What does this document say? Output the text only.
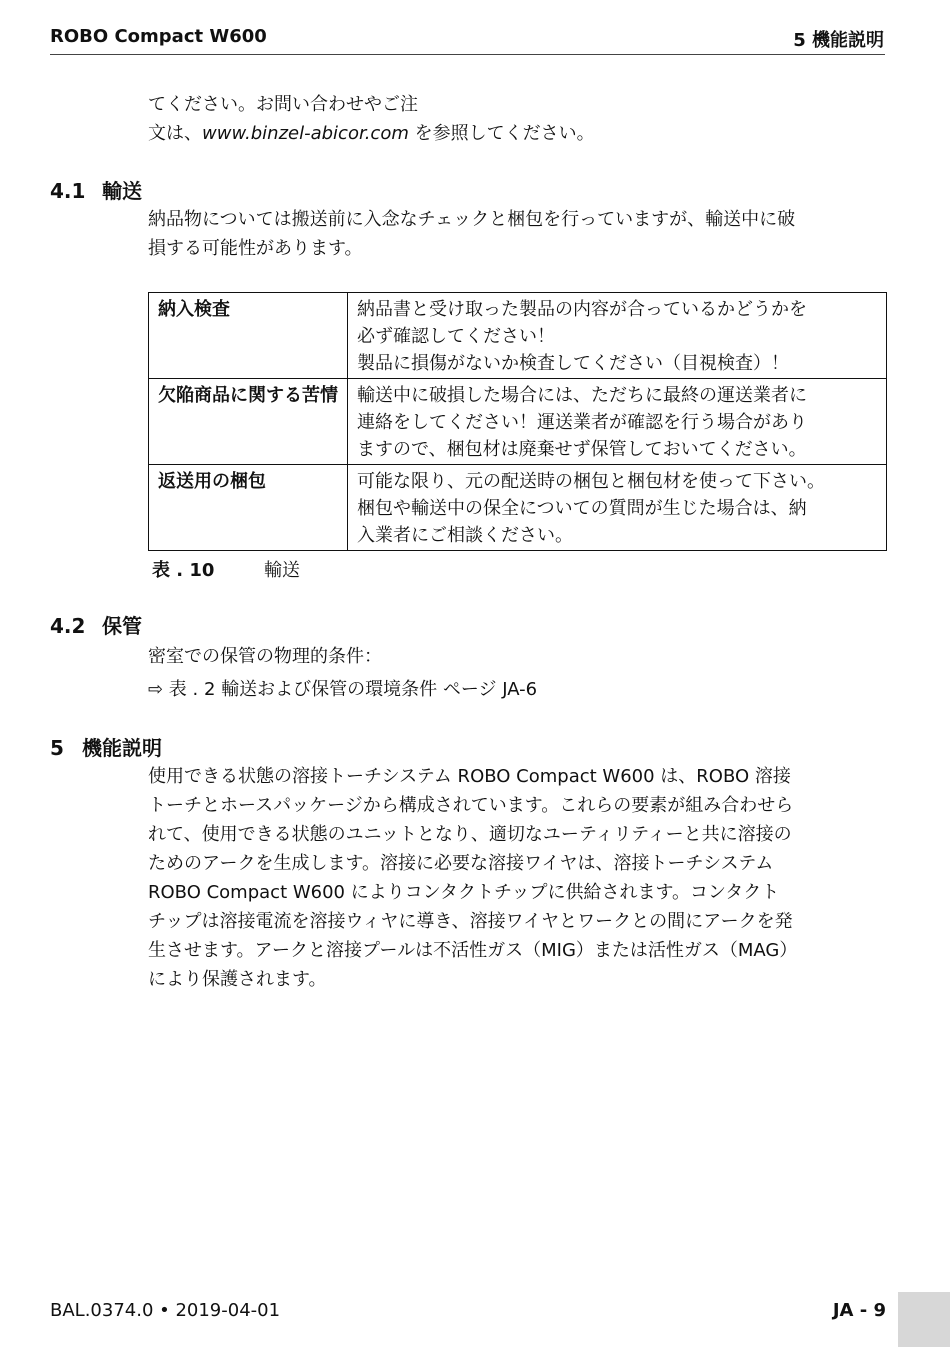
ROBO Compact W600	5 機能説明
てください。お問い合わせやご注
文は、www.binzel-abicor.com を参照してください。
4.1 輸送
納品物については搬送前に入念なチェックと梱包を行っていますが、輸送中に破
損する可能性があります。
納入検査	納品書と受け取った製品の内容が合っているかどうかを
必ず確認してください！
製品に損傷がないか検査してください（目視検査）！

欠陥商品に関する苦情	輸送中に破損した場合には、ただちに最終の運送業者に
連絡をしてください！運送業者が確認を行う場合があり
ますので、梱包材は廃棄せず保管しておいてください。

返送用の梱包	可能な限り、元の配送時の梱包と梱包材を使って下さい。
梱包や輸送中の保全についての質問が生じた場合は、納
入業者にご相談ください。
表 . 10	輸送
4.2 保管
密室での保管の物理的条件：
⇨ 表 . 2 輸送および保管の環境条件 ページ JA-6
5 機能説明
使用できる状態の溶接トーチシステム ROBO Compact W600 は、ROBO 溶接
トーチとホースパッケージから構成されています。これらの要素が組み合わせら
れて、使用できる状態のユニットとなり、適切なユーティリティーと共に溶接の
ためのアークを生成します。溶接に必要な溶接ワイヤは、溶接トーチシステム
ROBO Compact W600 によりコンタクトチップに供給されます。コンタクト
チップは溶接電流を溶接ウィヤに導き、溶接ワイヤとワークとの間にアークを発
生させます。アークと溶接プールは不活性ガス（MIG）または活性ガス（MAG）
により保護されます。
BAL.0374.0 • 2019-04-01	JA - 9
